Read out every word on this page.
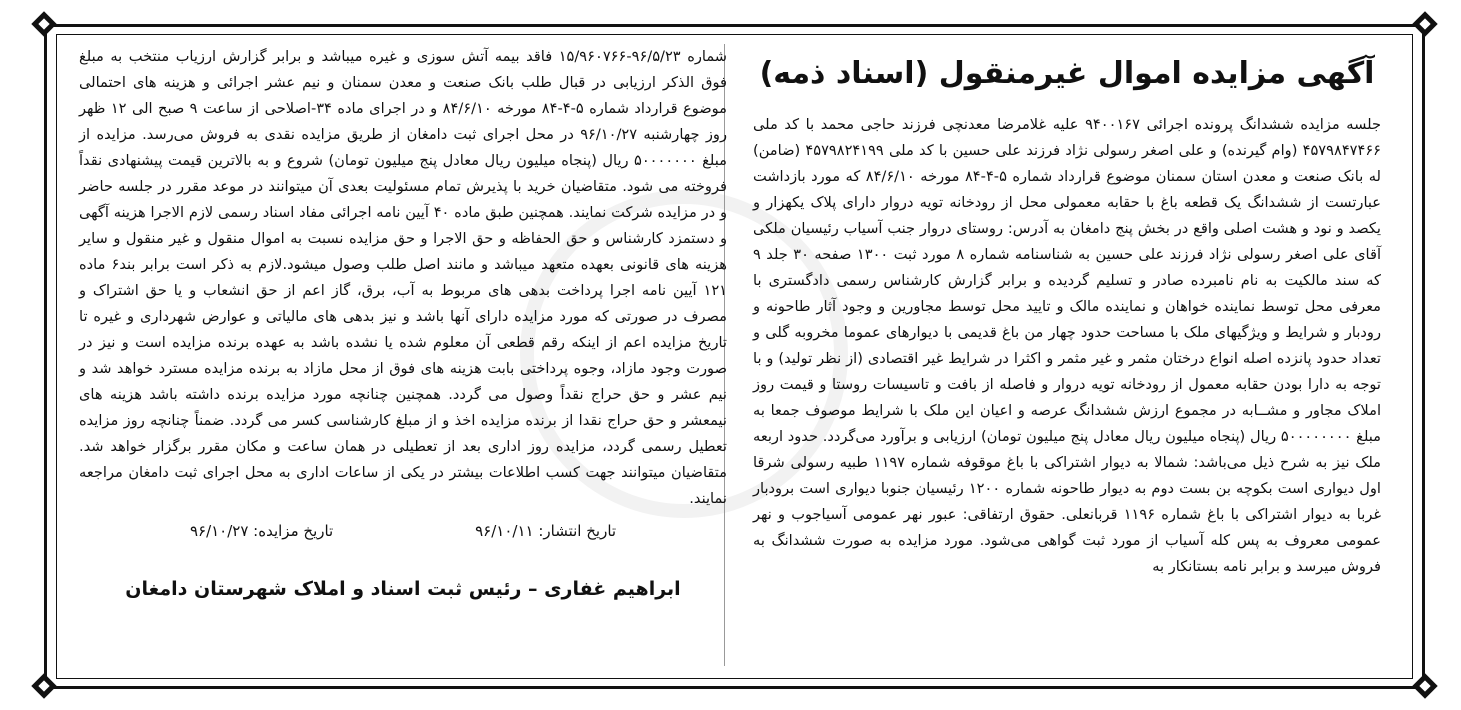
آگهی مزایده اموال غیرمنقول (اسناد ذمه)
جلسه مزایده ششدانگ پرونده اجرائی ۹۴۰۰۱۶۷ علیه غلامرضا معدنچی فرزند حاجی محمد با کد ملی ۴۵۷۹۸۴۷۴۶۶ (وام گیرنده) و علی اصغر رسولی نژاد فرزند علی حسین با کد ملی ۴۵۷۹۸۲۴۱۹۹ (ضامن) له بانک صنعت و معدن استان سمنان موضوع قرارداد شماره ۵-۴-۸۴ مورخه ۸۴/۶/۱۰ که مورد بازداشت عبارتست از ششدانگ یک قطعه باغ با حقابه معمولی محل از رودخانه تویه دروار دارای پلاک یکهزار و یکصد و نود و هشت اصلی واقع در بخش پنج دامغان به آدرس: روستای دروار جنب آسیاب رئیسیان ملکی آقای علی اصغر رسولی نژاد فرزند علی حسین به شناسنامه شماره ۸ مورد ثبت ۱۳۰۰ صفحه ۳۰ جلد ۹ که سند مالکیت به نام نامبرده صادر و تسلیم گردیده و برابر گزارش کارشناس رسمی دادگستری با معرفی محل توسط نماینده خواهان و نماینده مالک و تایید محل توسط مجاورین و وجود آثار طاحونه و رودبار و شرایط و ویژگیهای ملک با مساحت حدود چهار من باغ قدیمی با دیوارهای عموما مخروبه گلی و تعداد حدود پانزده اصله انواع درختان مثمر و غیر مثمر و اکثرا در شرایط غیر اقتصادی (از نظر تولید) و با توجه به دارا بودن حقابه معمول از رودخانه تویه دروار و فاصله از بافت و تاسیسات روستا و قیمت روز املاک مجاور و مشــابه در مجموع ارزش ششدانگ عرصه و اعیان این ملک با شرایط موصوف جمعا به مبلغ ۵۰۰۰۰۰۰۰۰ ریال (پنجاه میلیون ریال معادل پنج میلیون تومان) ارزیابی و برآورد می‌گردد. حدود اربعه ملک نیز به شرح ذیل می‌باشد: شمالا به دیوار اشتراکی با باغ موقوفه شماره ۱۱۹۷ طبیه رسولی شرقا اول دیواری است بکوچه بن بست دوم به دیوار طاحونه شماره ۱۲۰۰ رئیسیان جنوبا دیواری است برودبار غربا به دیوار اشتراکی با باغ شماره ۱۱۹۶ قربانعلی. حقوق ارتفاقی: عبور نهر عمومی آسیاجوب و نهر عمومی معروف به پس کله آسیاب از مورد ثبت گواهی می‌شود. مورد مزایده به صورت ششدانگ به فروش میرسد و برابر نامه بستانکار به
شماره ۹۶/۵/۲۳-۱۵/۹۶۰۷۶۶ فاقد بیمه آتش سوزی و غیره میباشد و برابر گزارش ارزیاب منتخب به مبلغ فوق الذکر ارزیابی در قبال طلب بانک صنعت و معدن سمنان و نیم عشر اجرائی و هزینه های احتمالی موضوع قرارداد شماره ۵-۴-۸۴ مورخه ۸۴/۶/۱۰ و در اجرای ماده ۳۴-اصلاحی از ساعت ۹ صبح الی ۱۲ ظهر روز چهارشنبه ۹۶/۱۰/۲۷ در محل اجرای ثبت دامغان از طریق مزایده نقدی به فروش می‌رسد. مزایده از مبلغ ۵۰۰۰۰۰۰۰ ریال (پنجاه میلیون ریال معادل پنج میلیون تومان) شروع و به بالاترین قیمت پیشنهادی نقداً فروخته می شود. متقاضیان خرید با پذیرش تمام مسئولیت بعدی آن میتوانند در موعد مقرر در جلسه حاضر و در مزایده شرکت نمایند. همچنین طبق ماده ۴۰ آیین نامه اجرائی مفاد اسناد رسمی لازم الاجرا هزینه آگهی و دستمزد کارشناس و حق الحفاظه و حق الاجرا و حق مزایده نسبت به اموال منقول و غیر منقول و سایر هزینه های قانونی بعهده متعهد میباشد و مانند اصل طلب وصول میشود.لازم به ذکر است برابر بند۶ ماده ۱۲۱ آیین نامه اجرا پرداخت بدهی های مربوط به آب، برق، گاز اعم از حق انشعاب و یا حق اشتراک و مصرف در صورتی که مورد مزایده دارای آنها باشد و نیز بدهی های مالیاتی و عوارض شهرداری و غیره تا تاریخ مزایده اعم از اینکه رقم قطعی آن معلوم شده یا نشده باشد به عهده برنده مزایده است و نیز در صورت وجود مازاد، وجوه پرداختی بابت هزینه های فوق از محل مازاد به برنده مزایده مسترد خواهد شد و نیم عشر و حق حراج نقداً وصول می گردد. همچنین چنانچه مورد مزایده برنده داشته باشد هزینه های نیمعشر و حق حراج نقدا از برنده مزایده اخذ و از مبلغ کارشناسی کسر می گردد. ضمناً چنانچه روز مزایده تعطیل رسمی گردد، مزایده روز اداری بعد از تعطیلی در همان ساعت و مکان مقرر برگزار خواهد شد. متقاضیان میتوانند جهت کسب اطلاعات بیشتر در یکی از ساعات اداری به محل اجرای ثبت دامغان مراجعه نمایند.
تاریخ انتشار: ۹۶/۱۰/۱۱
تاریخ مزایده: ۹۶/۱۰/۲۷
ابراهیم غفاری – رئیس ثبت اسناد و املاک شهرستان دامغان
